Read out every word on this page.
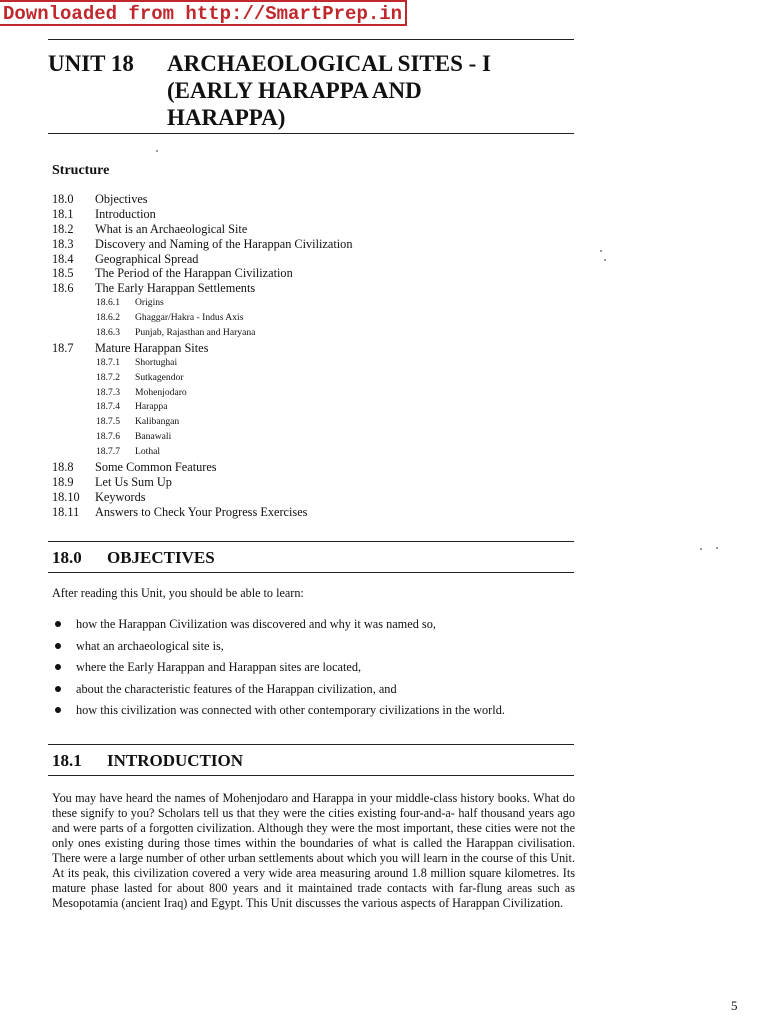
Downloaded from http://SmartPrep.in
UNIT 18 ARCHAEOLOGICAL SITES - I
(EARLY HARAPPA AND
HARAPPA)
Structure
18.0 Objectives
18.1 Introduction
18.2 What is an Archaeological Site
18.3 Discovery and Naming of the Harappan Civilization
18.4 Geographical Spread
18.5 The Period of the Harappan Civilization
18.6 The Early Harappan Settlements
18.6.1 Origins
18.6.2 Ghaggar/Hakra - Indus Axis
18.6.3 Punjab, Rajasthan and Haryana
18.7 Mature Harappan Sites
18.7.1 Shortughai
18.7.2 Sutkagendor
18.7.3 Mohenjodaro
18.7.4 Harappa
18.7.5 Kalibangan
18.7.6 Banawali
18.7.7 Lothal
18.8 Some Common Features
18.9 Let Us Sum Up
18.10 Keywords
18.11 Answers to Check Your Progress Exercises
18.0 OBJECTIVES
After reading this Unit, you should be able to learn:
how the Harappan Civilization was discovered and why it was named so,
what an archaeological site is,
where the Early Harappan and Harappan sites are located,
about the characteristic features of the Harappan civilization, and
how this civilization was connected with other contemporary civilizations in the world.
18.1 INTRODUCTION
You may have heard the names of Mohenjodaro and Harappa in your middle-class history books. What do these signify to you? Scholars tell us that they were the cities existing four-and-a- half thousand years ago and were parts of a forgotten civilization. Although they were the most important, these cities were not the only ones existing during those times within the boundaries of what is called the Harappan civilisation. There were a large number of other urban settlements about which you will learn in the course of this Unit. At its peak, this civilization covered a very wide area measuring around 1.8 million square kilometres. Its mature phase lasted for about 800 years and it maintained trade contacts with far-flung areas such as Mesopotamia (ancient Iraq) and Egypt. This Unit discusses the various aspects of Harappan Civilization.
5
